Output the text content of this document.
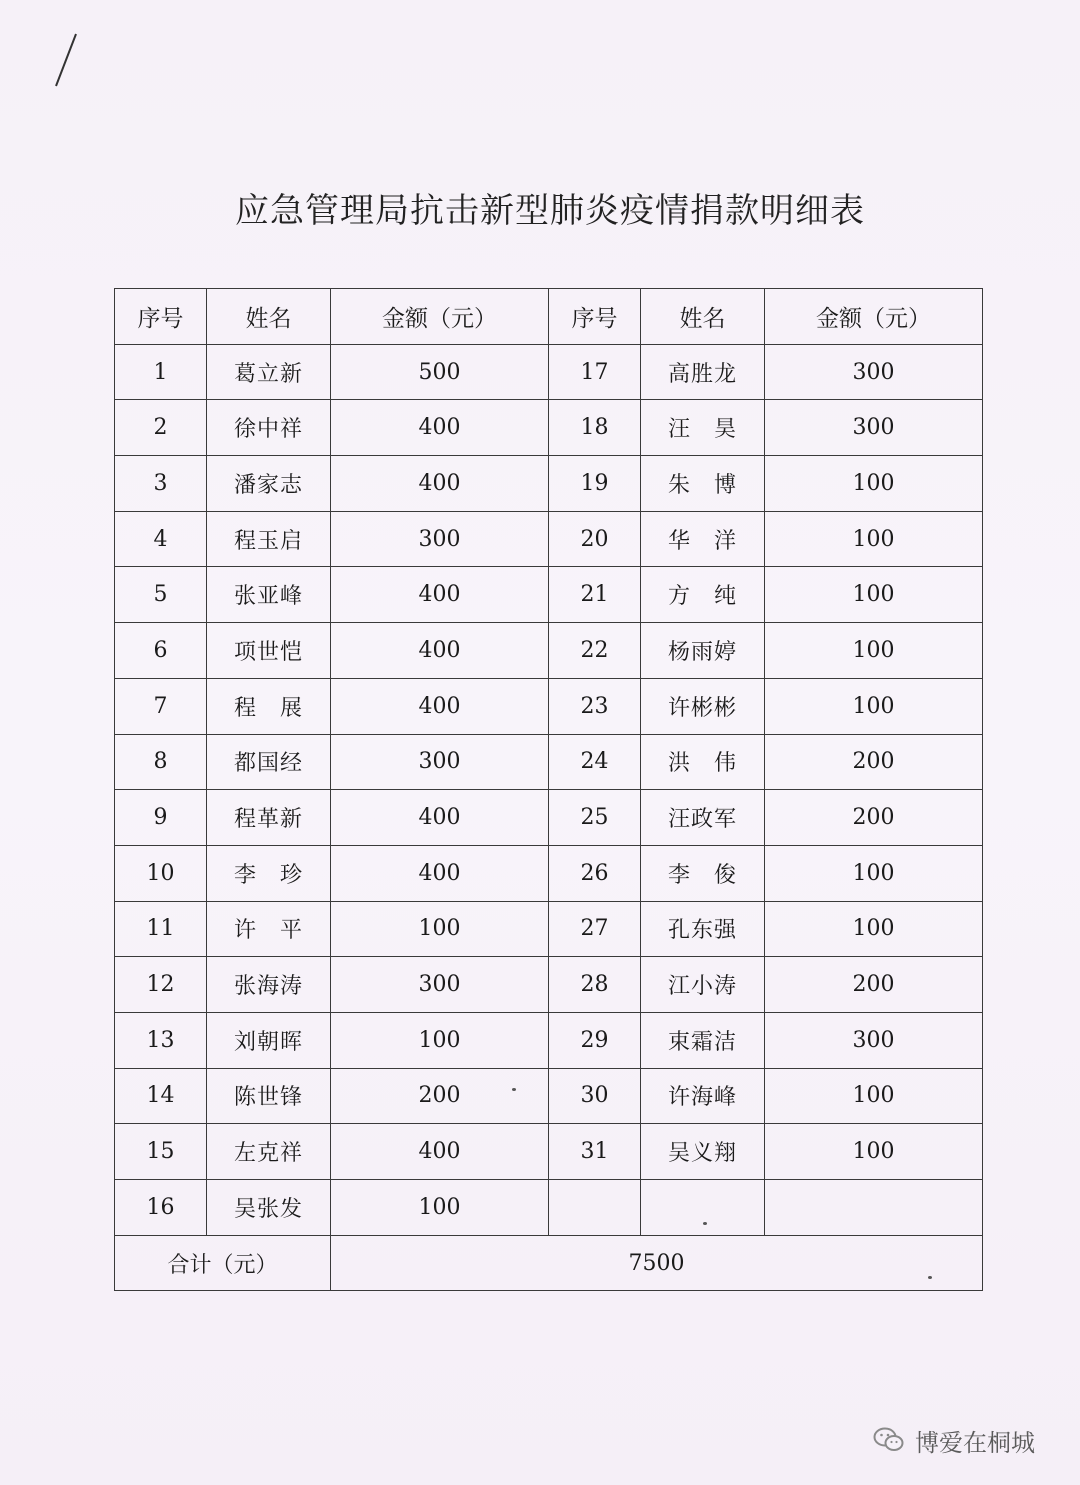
应急管理局抗击新型肺炎疫情捐款明细表
序号	姓名	金额（元）	序号	姓名	金额（元）
1	葛立新	500	17	高胜龙	300
2	徐中祥	400	18	汪　昊	300
3	潘家志	400	19	朱　博	100
4	程玉启	300	20	华　洋	100
5	张亚峰	400	21	方　纯	100
6	项世恺	400	22	杨雨婷	100
7	程　展	400	23	许彬彬	100
8	都国经	300	24	洪　伟	200
9	程革新	400	25	汪政军	200
10	李　珍	400	26	李　俊	100
11	许　平	100	27	孔东强	100
12	张海涛	300	28	江小涛	200
13	刘朝晖	100	29	束霜洁	300
14	陈世锋	200	30	许海峰	100
15	左克祥	400	31	吴义翔	100
16	吴张发	100			
合计（元）		7500			
博爱在桐城
